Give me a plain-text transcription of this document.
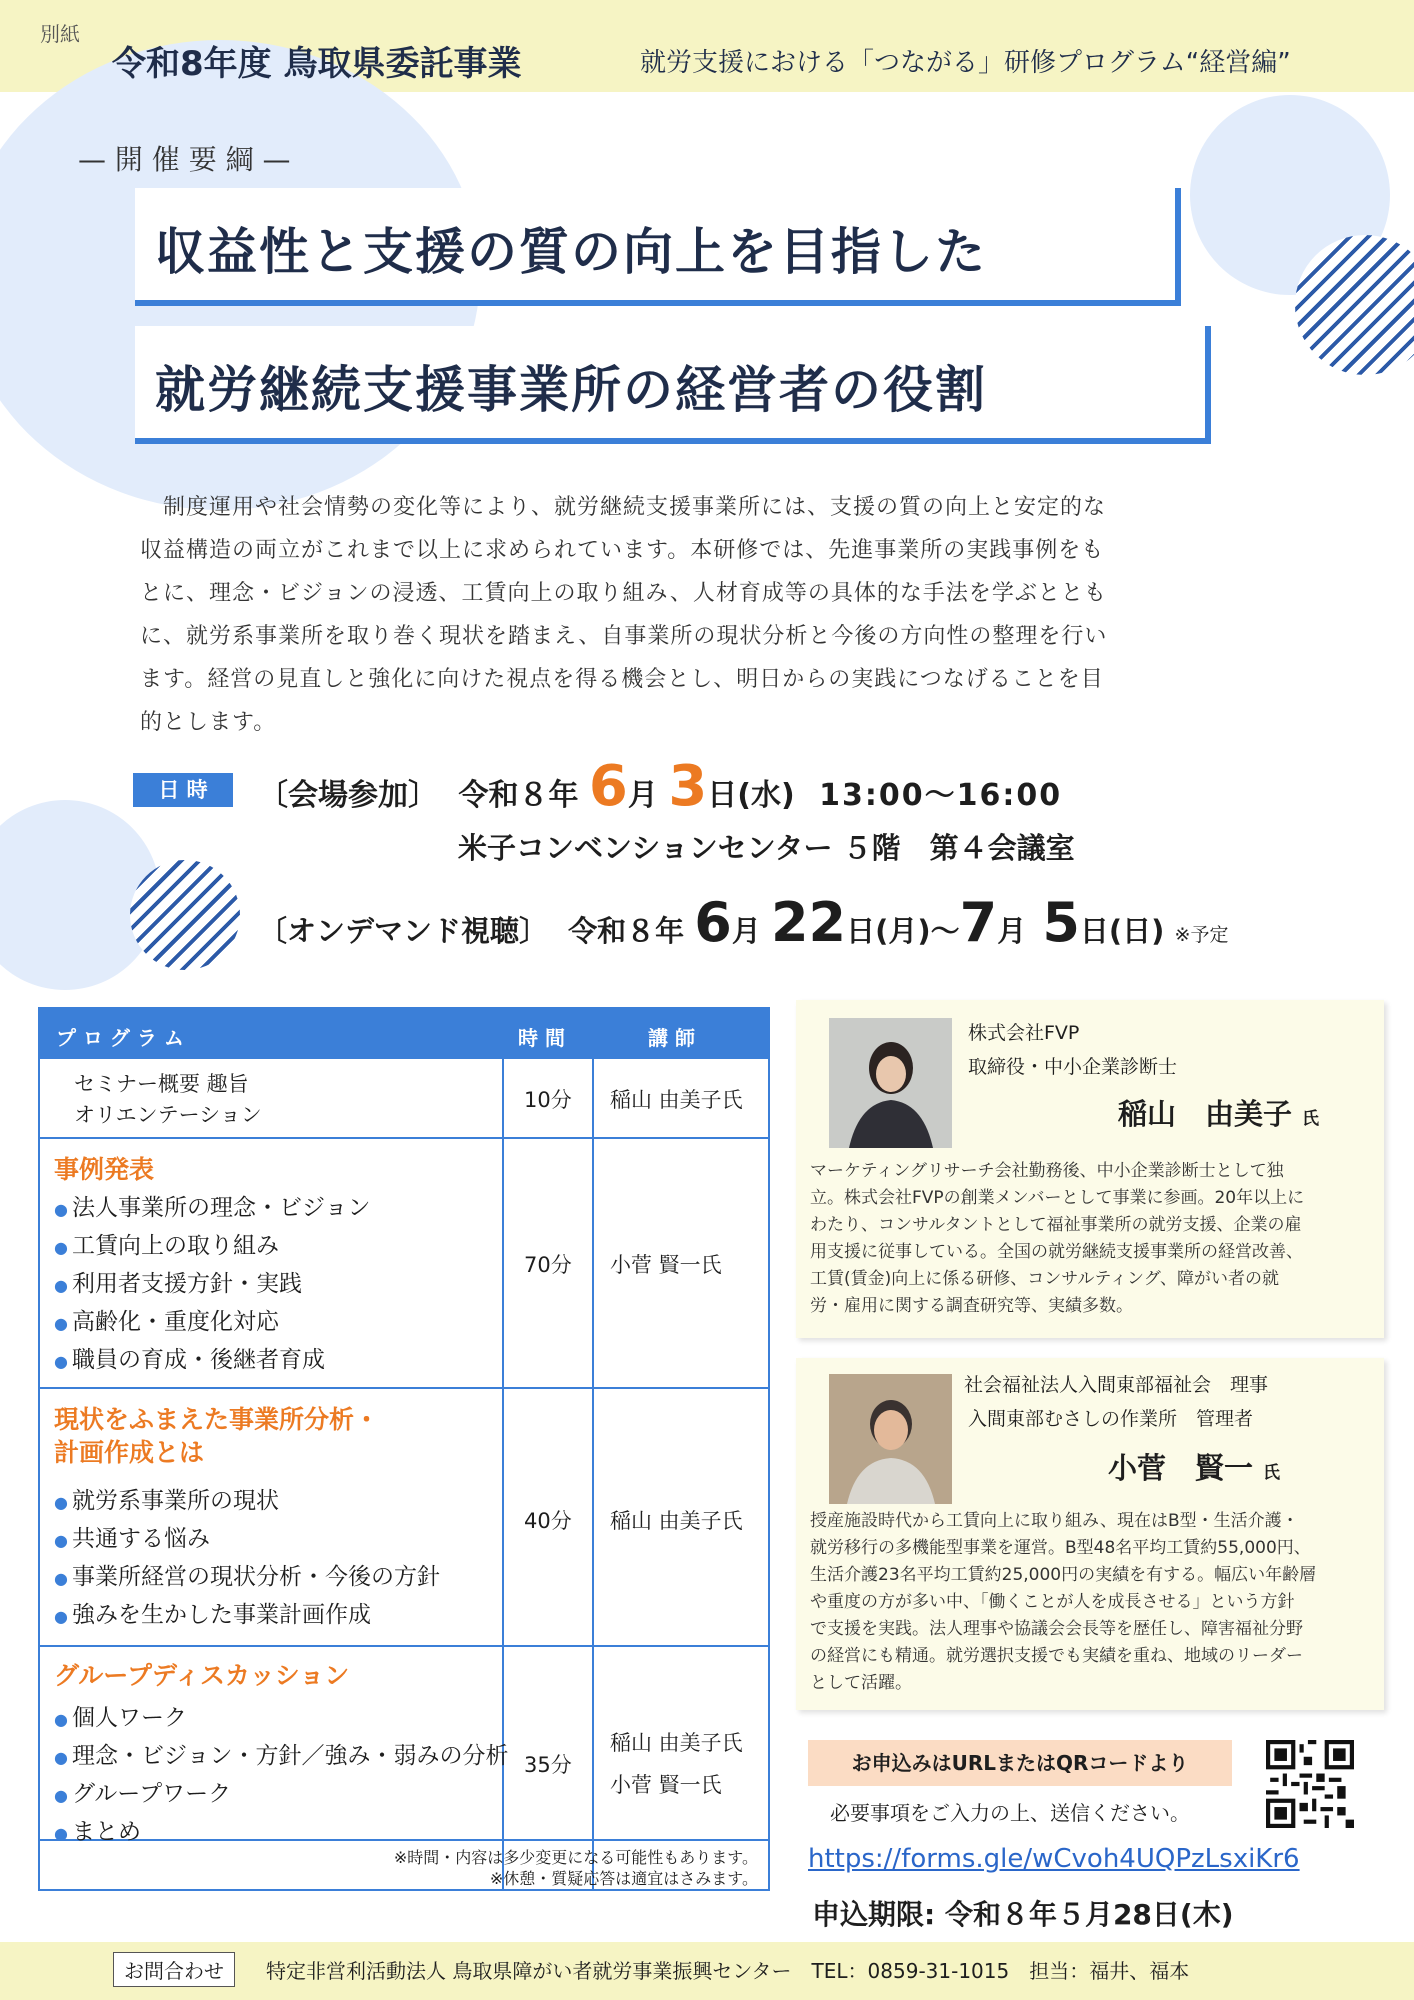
別紙
令和8年度 鳥取県委託事業	就労支援における「つながる」研修プログラム“経営編”
— 開 催 要 綱 —
収益性と支援の質の向上を目指した
就労継続支援事業所の経営者の役割
　制度運用や社会情勢の変化等により、就労継続支援事業所には、支援の質の向上と安定的な
収益構造の両立がこれまで以上に求められています。本研修では、先進事業所の実践事例をも
とに、理念・ビジョンの浸透、工賃向上の取り組み、人材育成等の具体的な手法を学ぶととも
に、就労系事業所を取り巻く現状を踏まえ、自事業所の現状分析と今後の方向性の整理を行い
ます。経営の見直しと強化に向けた視点を得る機会とし、明日からの実践につなげることを目
的とします。
日 時	〔会場参加〕 令和８年 6月 3日(水) 13:00〜16:00
米子コンベンションセンター ５階　第４会議室
〔オンデマンド視聴〕 令和８年 6月 22日(月)〜7月 5日(日) ※予定
プ ロ グ ラ ム	時 間	講 師
セミナー概要 趣旨
オリエンテーション
10分 稲山 由美子氏
事例発表
● 法人事業所の理念・ビジョン
● 工賃向上の取り組み
● 利用者支援方針・実践
● 高齢化・重度化対応
● 職員の育成・後継者育成
70分 小菅 賢一氏
現状をふまえた事業所分析・
計画作成とは
● 就労系事業所の現状
● 共通する悩み
● 事業所経営の現状分析・今後の方針
● 強みを生かした事業計画作成
40分 稲山 由美子氏
グループディスカッション
● 個人ワーク
● 理念・ビジョン・方針／強み・弱みの分析
● グループワーク
● まとめ
35分
稲山 由美子氏
小菅 賢一氏
※時間・内容は多少変更になる可能性もあります。
※休憩・質疑応答は適宜はさみます。
株式会社FVP
取締役・中小企業診断士
稲山　由美子 氏
マーケティングリサーチ会社勤務後、中小企業診断士として独
立。株式会社FVPの創業メンバーとして事業に参画。20年以上に
わたり、コンサルタントとして福祉事業所の就労支援、企業の雇
用支援に従事している。全国の就労継続支援事業所の経営改善、
工賃(賃金)向上に係る研修、コンサルティング、障がい者の就
労・雇用に関する調査研究等、実績多数。
社会福祉法人入間東部福祉会　理事
入間東部むさしの作業所　管理者
小菅　賢一 氏
授産施設時代から工賃向上に取り組み、現在はB型・生活介護・
就労移行の多機能型事業を運営。B型48名平均工賃約55,000円、
生活介護23名平均工賃約25,000円の実績を有する。幅広い年齢層
や重度の方が多い中、「働くことが人を成長させる」という方針
で支援を実践。法人理事や協議会会長等を歴任し、障害福祉分野
の経営にも精通。就労選択支援でも実績を重ね、地域のリーダー
として活躍。
お申込みはURLまたはQRコードより
必要事項をご入力の上、送信ください。
https://forms.gle/wCvoh4UQPzLsxiKr6
申込期限: 令和８年５月28日(木)
お問合わせ	特定非営利活動法人 鳥取県障がい者就労事業振興センター　TEL：0859-31-1015　担当：福井、福本
